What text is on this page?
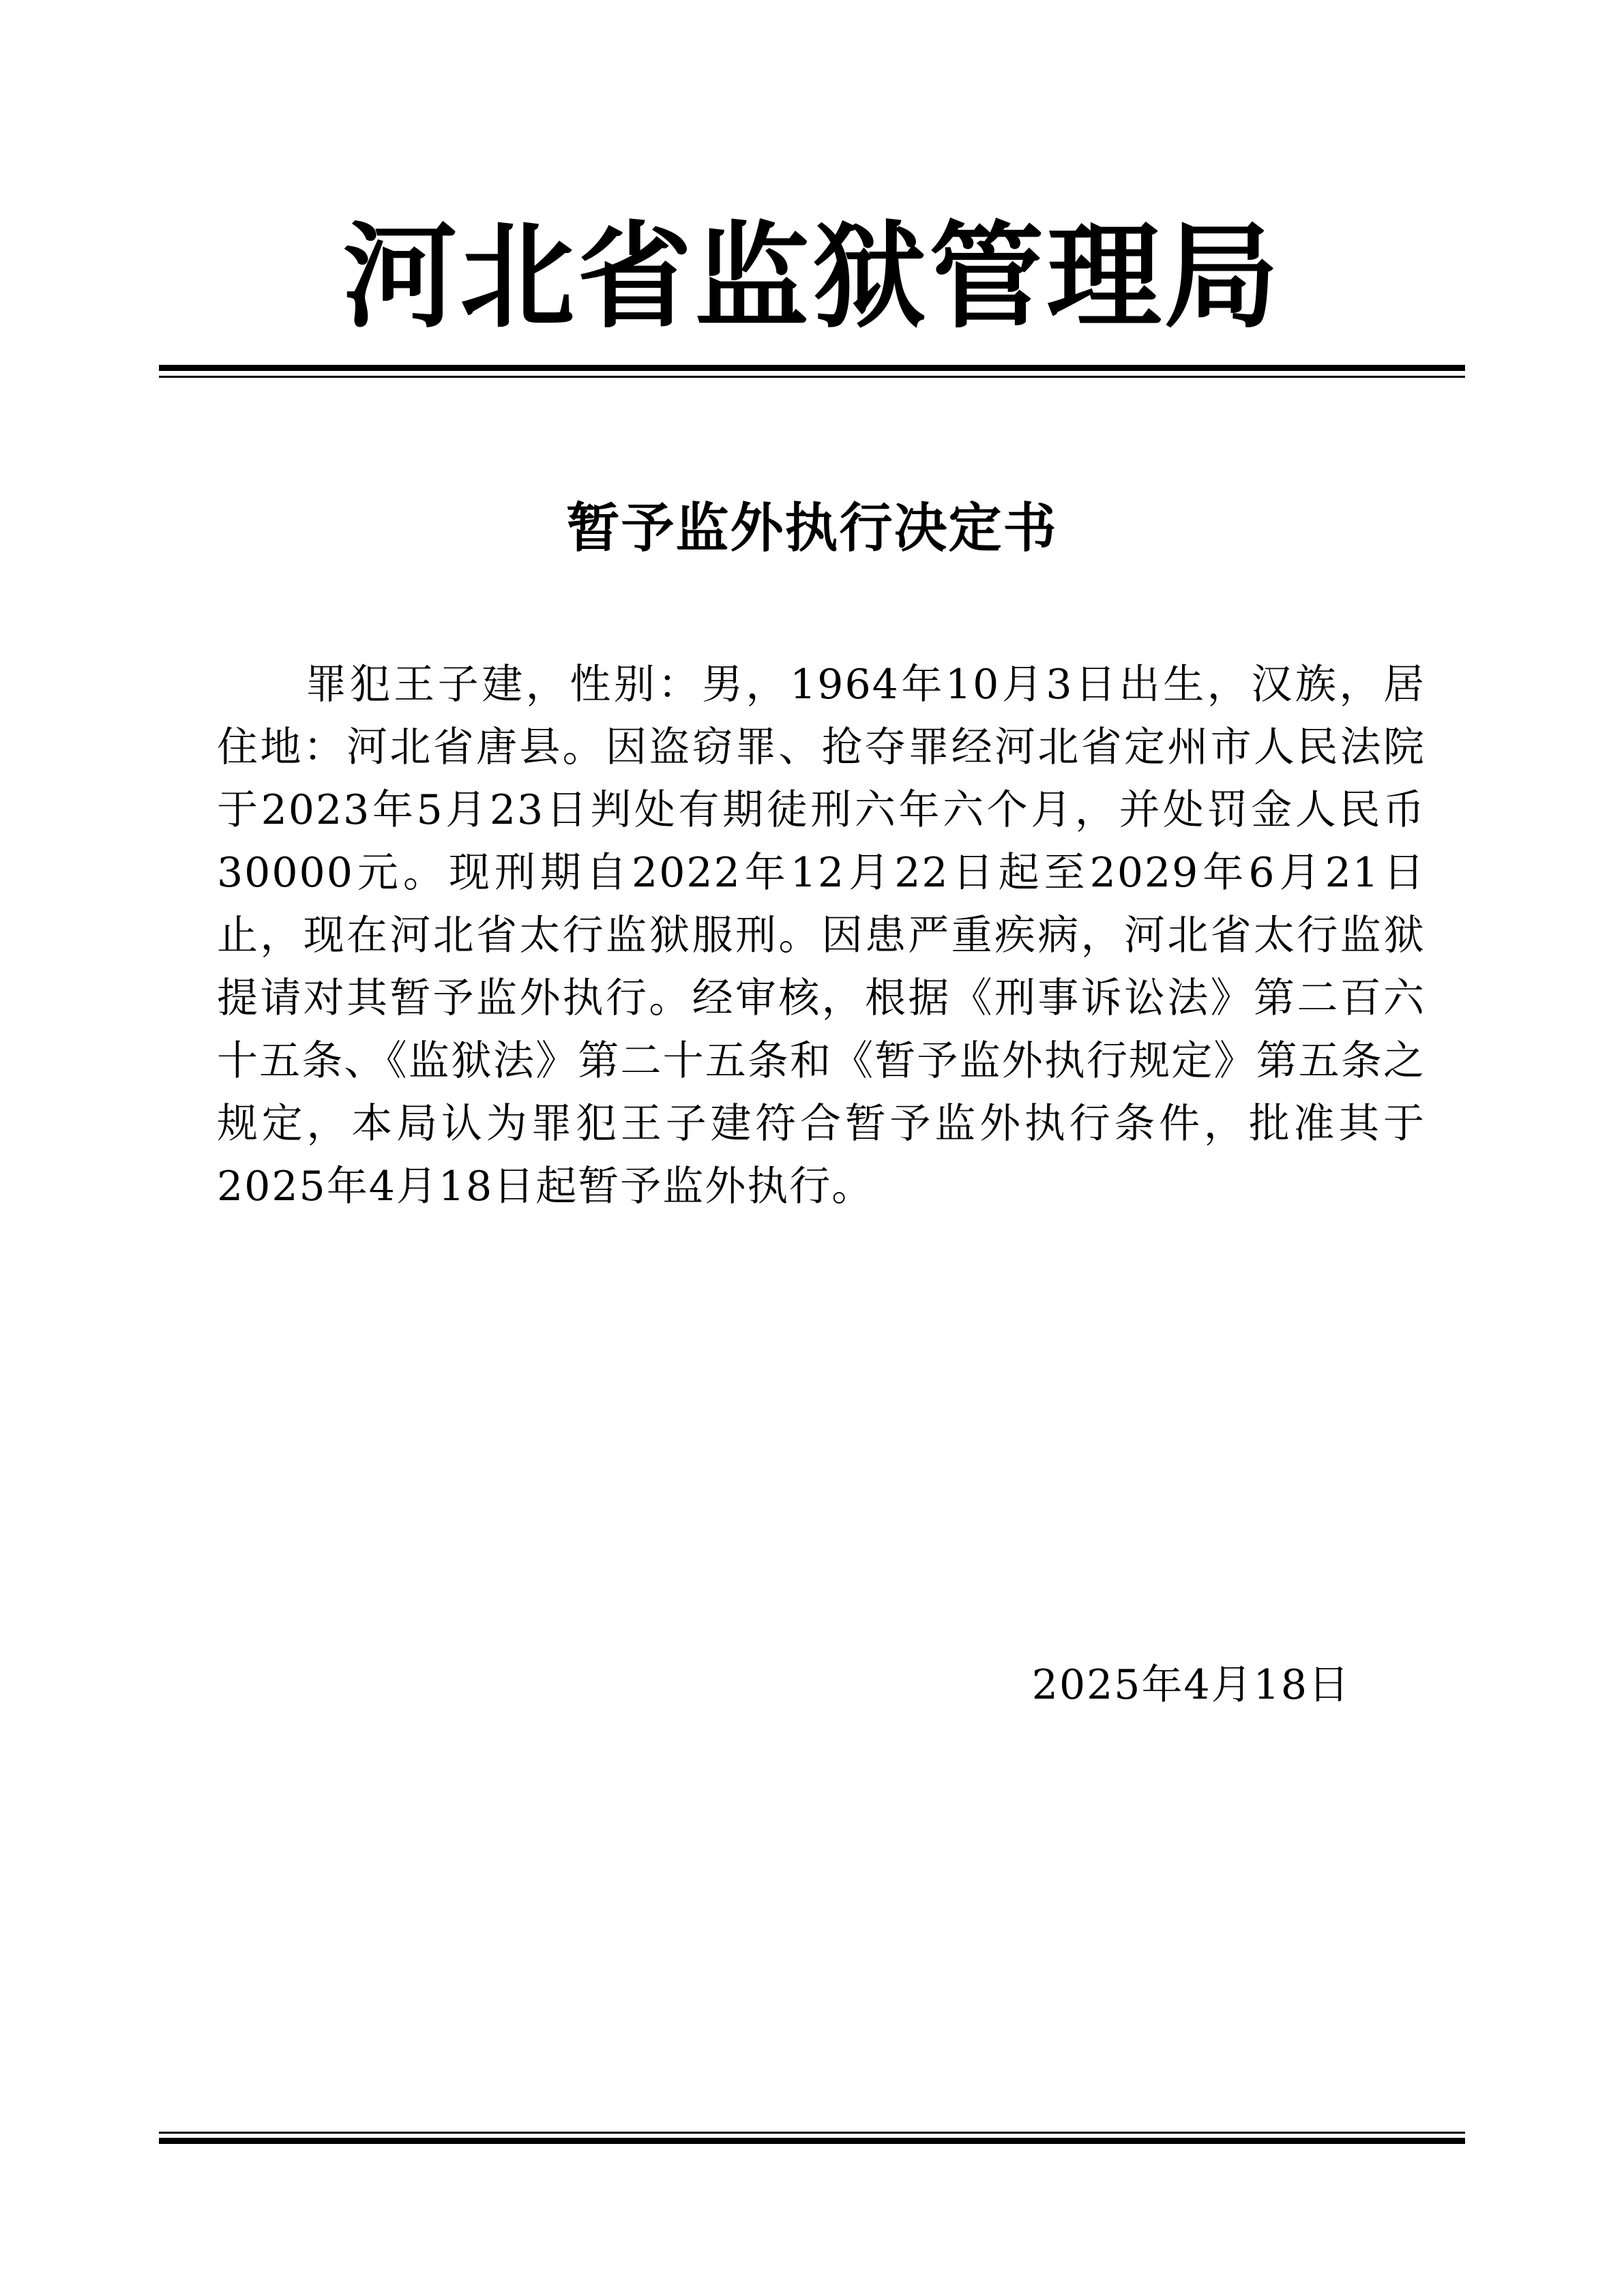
河北省监狱管理局
暂予监外执行决定书
罪犯王子建，性别：男，1964年10月3日出生，汉族，居住地：河北省唐县。因盗窃罪、抢夺罪经河北省定州市人民法院于2023年5月23日判处有期徒刑六年六个月，并处罚金人民币30000元。现刑期自2022年12月22日起至2029年6月21日止，现在河北省太行监狱服刑。因患严重疾病，河北省太行监狱提请对其暂予监外执行。经审核，根据《刑事诉讼法》第二百六十五条、《监狱法》第二十五条和《暂予监外执行规定》第五条之规定，本局认为罪犯王子建符合暂予监外执行条件，批准其于2025年4月18日起暂予监外执行。
2025年4月18日
